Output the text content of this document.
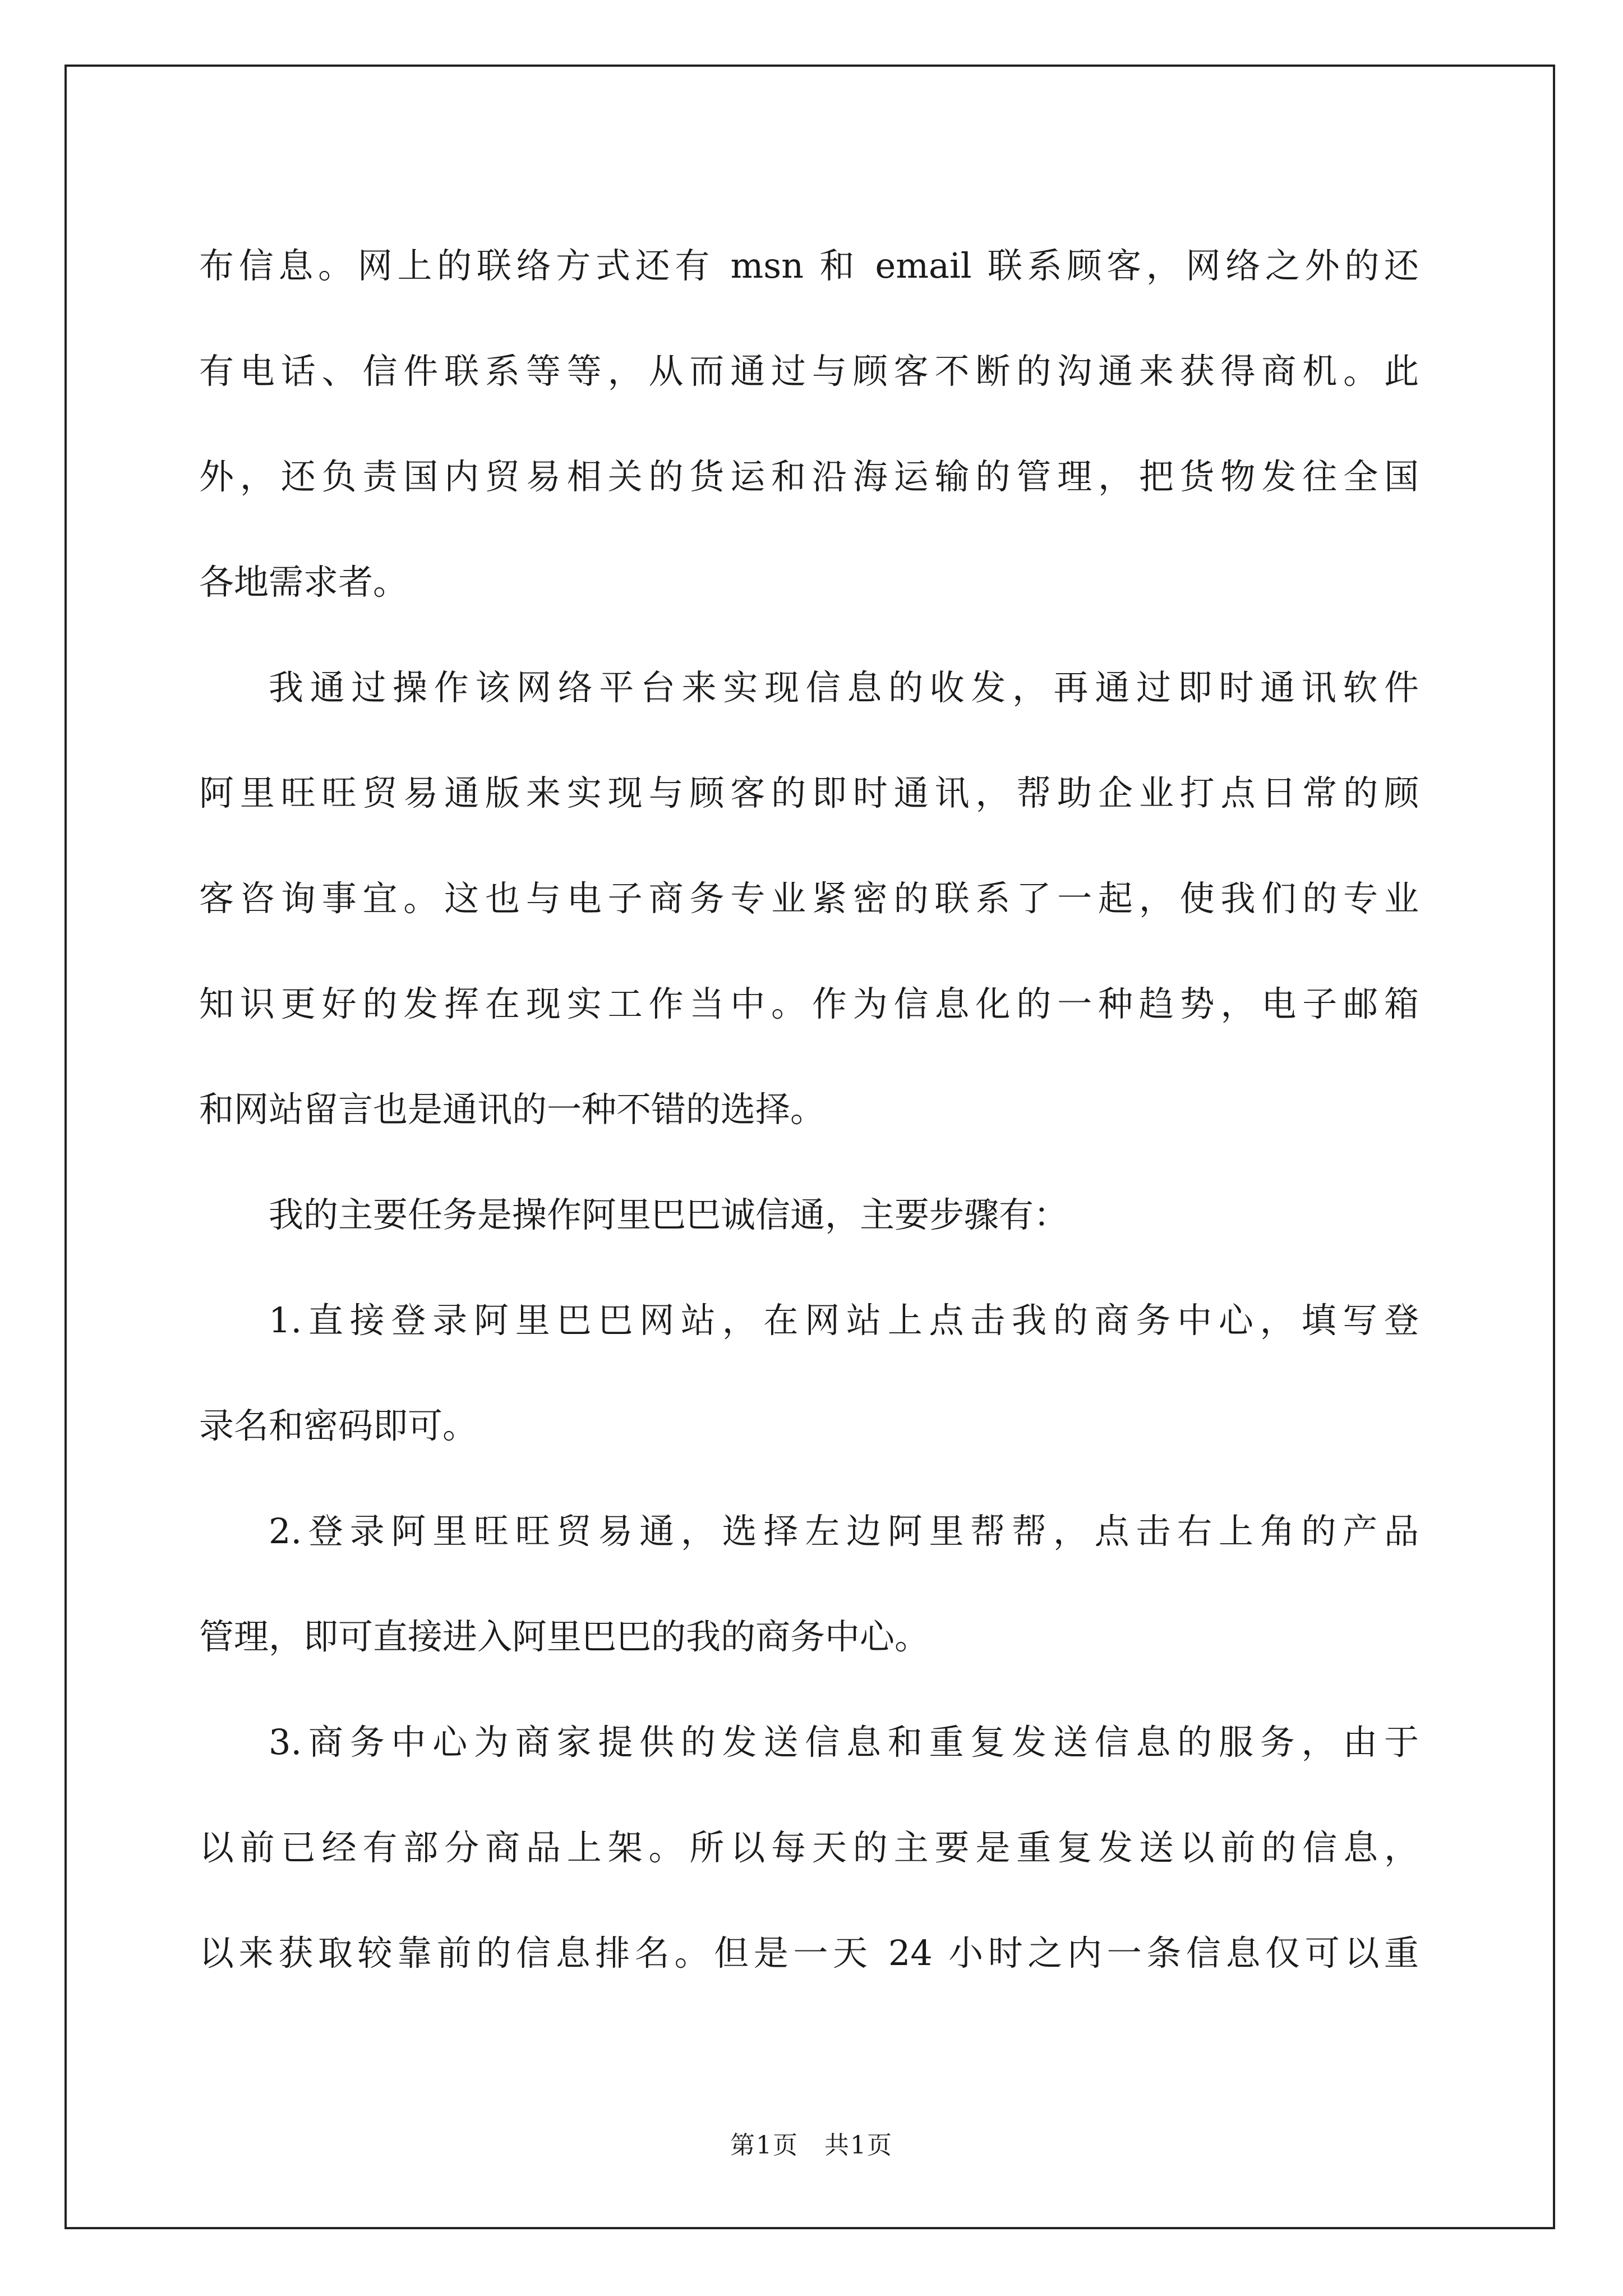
布信息。网上的联络方式还有 msn 和 email 联系顾客，网络之外的还
有电话、信件联系等等，从而通过与顾客不断的沟通来获得商机。此
外，还负责国内贸易相关的货运和沿海运输的管理，把货物发往全国
各地需求者。
我通过操作该网络平台来实现信息的收发，再通过即时通讯软件
阿里旺旺贸易通版来实现与顾客的即时通讯，帮助企业打点日常的顾
客咨询事宜。这也与电子商务专业紧密的联系了一起，使我们的专业
知识更好的发挥在现实工作当中。作为信息化的一种趋势，电子邮箱
和网站留言也是通讯的一种不错的选择。
我的主要任务是操作阿里巴巴诚信通，主要步骤有：
1.直接登录阿里巴巴网站，在网站上点击我的商务中心，填写登
录名和密码即可。
2.登录阿里旺旺贸易通，选择左边阿里帮帮，点击右上角的产品
管理，即可直接进入阿里巴巴的我的商务中心。
3.商务中心为商家提供的发送信息和重复发送信息的服务，由于
以前已经有部分商品上架。所以每天的主要是重复发送以前的信息，
以来获取较靠前的信息排名。但是一天 24 小时之内一条信息仅可以重
第1页　共1页
